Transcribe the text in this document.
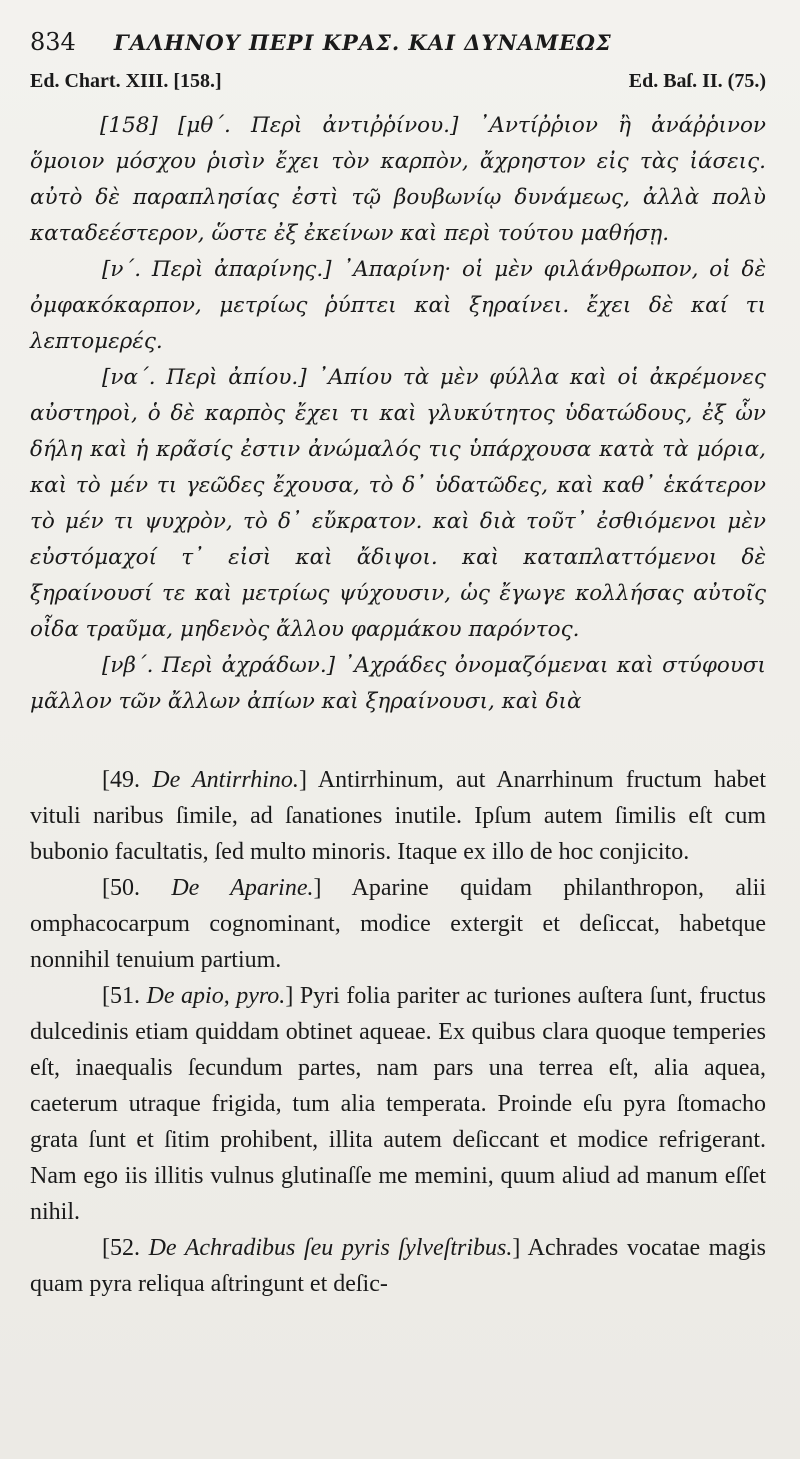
834 ΓΑΛΗΝΟΥ ΠΕΡΙ ΚΡΑΣ. ΚΑΙ ΔΥΝΑΜΕΩΣ
Ed. Chart. XIII. [158.]	Ed. Baſ. II. (75.)

[158] [μθ΄. Περὶ ἀντιῤῥίνου.] ᾿Αντίῤῥιον ἢ ἀνάῤῥινον ὅμοιον μόσχου ῥισὶν ἔχει τὸν καρπὸν, ἄχρηστον εἰς τὰς ἰάσεις. αὐτὸ δὲ παραπλησίας ἐστὶ τῷ βουβωνίῳ δυνάμεως, ἀλλὰ πολὺ καταδεέστερον, ὥστε ἐξ ἐκείνων καὶ περὶ τούτου μαθήσῃ.

[ν΄. Περὶ ἀπαρίνης.] ᾿Απαρίνη· οἱ μὲν φιλάνθρωπον, οἱ δὲ ὀμφακόκαρπον, μετρίως ῥύπτει καὶ ξηραίνει. ἔχει δὲ καί τι λεπτομερές.

[να΄. Περὶ ἀπίου.] ᾿Απίου τὰ μὲν φύλλα καὶ οἱ ἀκρέμονες αὐστηροὶ, ὁ δὲ καρπὸς ἔχει τι καὶ γλυκύτητος ὑδατώδους, ἐξ ὧν δήλη καὶ ἡ κρᾶσίς ἐστιν ἀνώμαλός τις ὑπάρχουσα κατὰ τὰ μόρια, καὶ τὸ μέν τι γεῶδες ἔχουσα, τὸ δ᾿ ὑδατῶδες, καὶ καθ᾿ ἑκάτερον τὸ μέν τι ψυχρὸν, τὸ δ᾿ εὔκρατον. καὶ διὰ τοῦτ᾿ ἐσθιόμενοι μὲν εὐστόμαχοί τ᾿ εἰσὶ καὶ ἄδιψοι. καὶ καταπλαττόμενοι δὲ ξηραίνουσί τε καὶ μετρίως ψύχουσιν, ὡς ἔγωγε κολλήσας αὐτοῖς οἶδα τραῦμα, μηδενὸς ἄλλου φαρμάκου παρόντος.

[νβ΄. Περὶ ἀχράδων.] ᾿Αχράδες ὀνομαζόμεναι καὶ στύφουσι μᾶλλον τῶν ἄλλων ἀπίων καὶ ξηραίνουσι, καὶ διὰ

[49. De Antirrhino.] Antirrhinum, aut Anarrhinum fructum habet vituli naribus ſimile, ad ſanationes inutile. Ipſum autem ſimilis eſt cum bubonio facultatis, ſed multo minoris. Itaque ex illo de hoc conjicito.

[50. De Aparine.] Aparine quidam philanthropon, alii omphacocarpum cognominant, modice extergit et deſiccat, habetque nonnihil tenuium partium.

[51. De apio, pyro.] Pyri folia pariter ac turiones auſtera ſunt, fructus dulcedinis etiam quiddam obtinet aqueae. Ex quibus clara quoque temperies eſt, inaequalis ſecundum partes, nam pars una terrea eſt, alia aquea, caeterum utraque frigida, tum alia temperata. Proinde eſu pyra ſtomacho grata ſunt et ſitim prohibent, illita autem deſiccant et modice refrigerant. Nam ego iis illitis vulnus glutinaſſe me memini, quum aliud ad manum eſſet nihil.

[52. De Achradibus ſeu pyris ſylveſtribus.] Achrades vocatae magis quam pyra reliqua aſtringunt et deſic-
